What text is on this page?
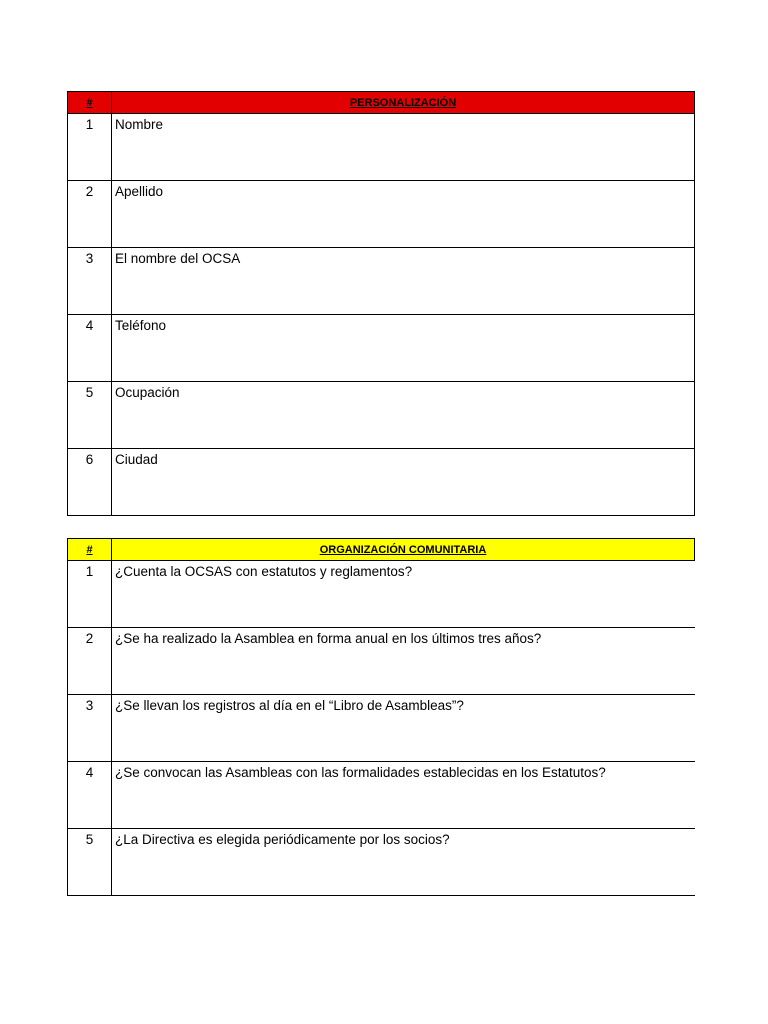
#	PERSONALIZACIÓN
1	Nombre
2	Apellido
3	El nombre del OCSA
4	Teléfono
5	Ocupación
6	Ciudad
#	ORGANIZACIÓN COMUNITARIA
1	¿Cuenta la OCSAS con estatutos y reglamentos?
2	¿Se ha realizado la Asamblea en forma anual en los últimos tres años?
3	¿Se llevan los registros al día en el “Libro de Asambleas”?
4	¿Se convocan las Asambleas con las formalidades establecidas en los Estatutos?
5	¿La Directiva es elegida periódicamente por los socios?
